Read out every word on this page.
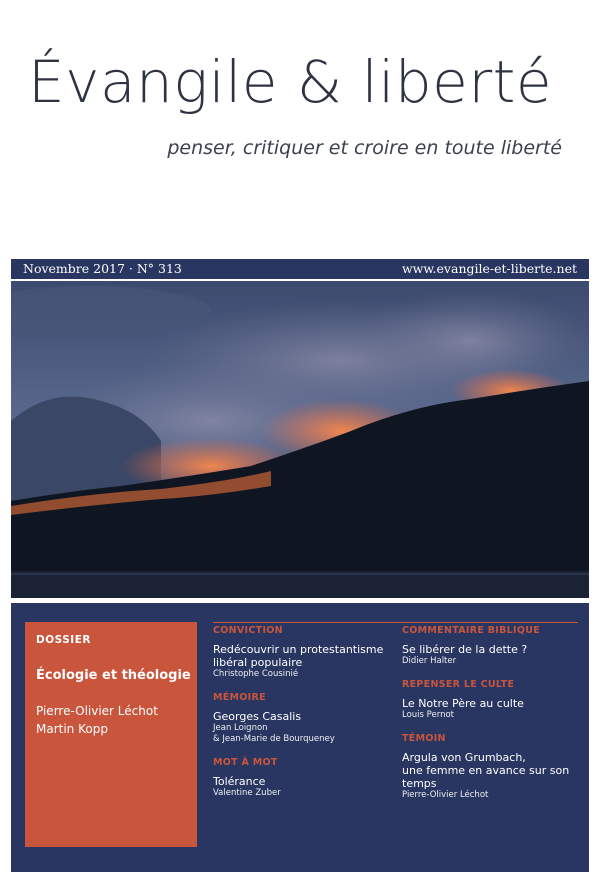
Évangile & liberté
penser, critiquer et croire en toute liberté
Novembre 2017 · N° 313	www.evangile-et-liberte.net
DOSSIER
Écologie et théologie
Pierre-Olivier Léchot
Martin Kopp
CONVICTION
Redécouvrir un protestantisme
libéral populaire
Christophe Cousinié
MÉMOIRE
Georges Casalis
Jean Loignon
& Jean-Marie de Bourqueney
MOT À MOT
Tolérance
Valentine Zuber
COMMENTAIRE BIBLIQUE
Se libérer de la dette ?
Didier Halter
REPENSER LE CULTE
Le Notre Père au culte
Louis Pernot
TÉMOIN
Argula von Grumbach,
une femme en avance sur son temps
Pierre-Olivier Léchot
